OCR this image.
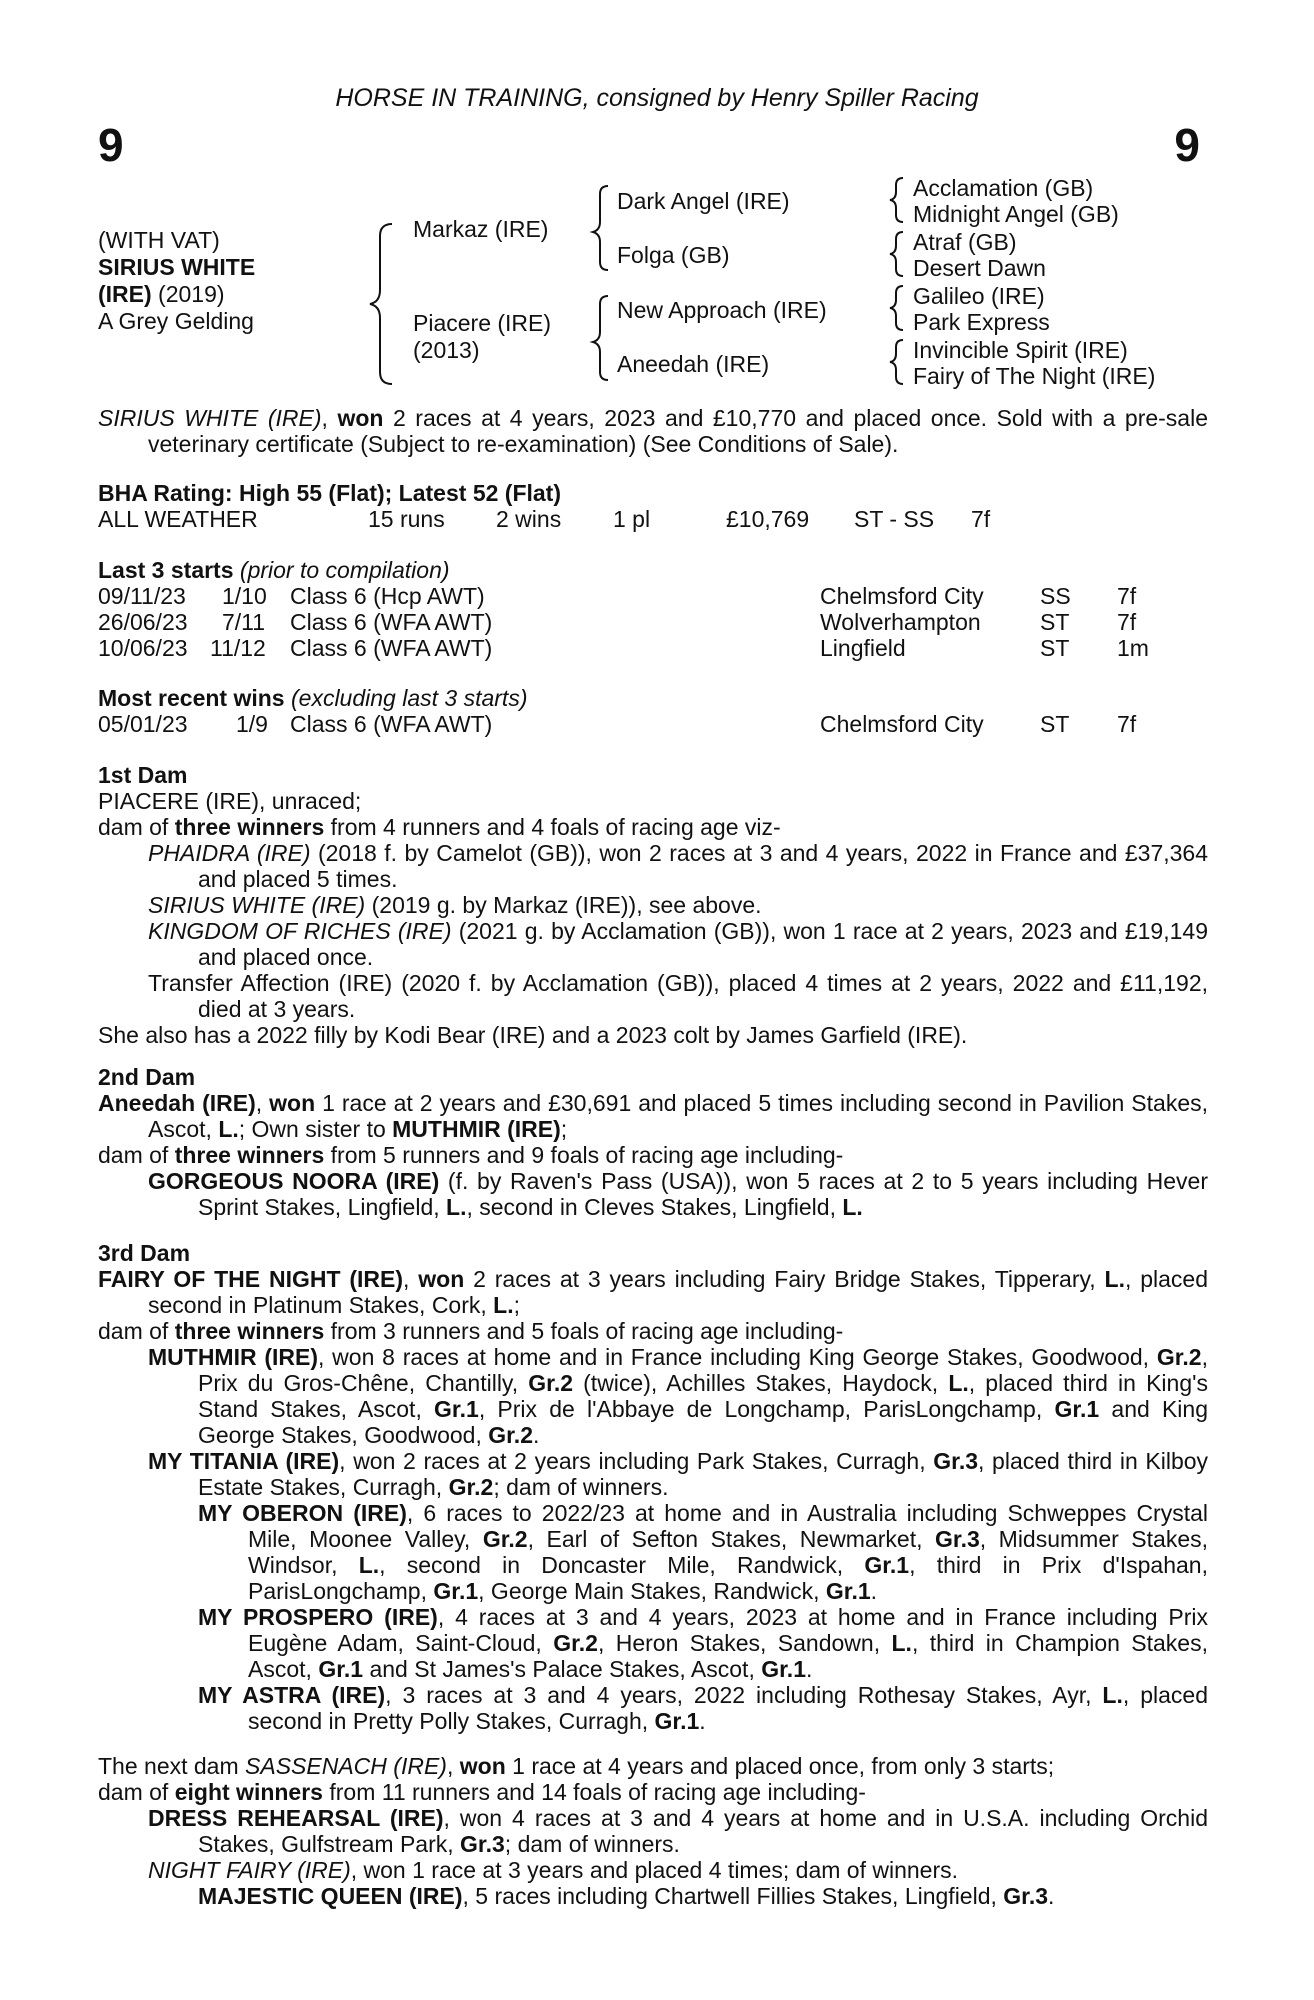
HORSE IN TRAINING, consigned by Henry Spiller Racing
9	9
(WITH VAT)
SIRIUS WHITE
(IRE) (2019)
A Grey Gelding
Markaz (IRE)
Piacere (IRE)
(2013)
Dark Angel (IRE)
Folga (GB)
New Approach (IRE)
Aneedah (IRE)
Acclamation (GB)
Midnight Angel (GB)
Atraf (GB)
Desert Dawn
Galileo (IRE)
Park Express
Invincible Spirit (IRE)
Fairy of The Night (IRE)
SIRIUS WHITE (IRE), won 2 races at 4 years, 2023 and £10,770 and placed once. Sold with a pre-sale veterinary certificate (Subject to re-examination) (See Conditions of Sale).
BHA Rating: High 55 (Flat); Latest 52 (Flat)
ALL WEATHER	15 runs 2 wins 1 pl	£10,769 ST - SS 7f
Last 3 starts (prior to compilation)
09/11/23 1/10 Class 6 (Hcp AWT)	Chelmsford City SS 7f
26/06/23 7/11 Class 6 (WFA AWT)	Wolverhampton	ST 7f
10/06/23 11/12 Class 6 (WFA AWT)	Lingfield	ST 1m
Most recent wins (excluding last 3 starts)
05/01/23 1/9 Class 6 (WFA AWT)	Chelmsford City ST 7f
1st Dam
PIACERE (IRE), unraced;
dam of three winners from 4 runners and 4 foals of racing age viz-
PHAIDRA (IRE) (2018 f. by Camelot (GB)), won 2 races at 3 and 4 years, 2022 in France and £37,364 and placed 5 times.
SIRIUS WHITE (IRE) (2019 g. by Markaz (IRE)), see above.
KINGDOM OF RICHES (IRE) (2021 g. by Acclamation (GB)), won 1 race at 2 years, 2023 and £19,149 and placed once.
Transfer Affection (IRE) (2020 f. by Acclamation (GB)), placed 4 times at 2 years, 2022 and £11,192, died at 3 years.
She also has a 2022 filly by Kodi Bear (IRE) and a 2023 colt by James Garfield (IRE).
2nd Dam
Aneedah (IRE), won 1 race at 2 years and £30,691 and placed 5 times including second in Pavilion Stakes, Ascot, L.; Own sister to MUTHMIR (IRE);
dam of three winners from 5 runners and 9 foals of racing age including-
GORGEOUS NOORA (IRE) (f. by Raven's Pass (USA)), won 5 races at 2 to 5 years including Hever Sprint Stakes, Lingfield, L., second in Cleves Stakes, Lingfield, L.
3rd Dam
FAIRY OF THE NIGHT (IRE), won 2 races at 3 years including Fairy Bridge Stakes, Tipperary, L., placed second in Platinum Stakes, Cork, L.;
dam of three winners from 3 runners and 5 foals of racing age including-
MUTHMIR (IRE), won 8 races at home and in France including King George Stakes, Goodwood, Gr.2, Prix du Gros-Chêne, Chantilly, Gr.2 (twice), Achilles Stakes, Haydock, L., placed third in King's Stand Stakes, Ascot, Gr.1, Prix de l'Abbaye de Longchamp, ParisLongchamp, Gr.1 and King George Stakes, Goodwood, Gr.2.
MY TITANIA (IRE), won 2 races at 2 years including Park Stakes, Curragh, Gr.3, placed third in Kilboy Estate Stakes, Curragh, Gr.2; dam of winners.
MY OBERON (IRE), 6 races to 2022/23 at home and in Australia including Schweppes Crystal Mile, Moonee Valley, Gr.2, Earl of Sefton Stakes, Newmarket, Gr.3, Midsummer Stakes, Windsor, L., second in Doncaster Mile, Randwick, Gr.1, third in Prix d'Ispahan, ParisLongchamp, Gr.1, George Main Stakes, Randwick, Gr.1.
MY PROSPERO (IRE), 4 races at 3 and 4 years, 2023 at home and in France including Prix Eugène Adam, Saint-Cloud, Gr.2, Heron Stakes, Sandown, L., third in Champion Stakes, Ascot, Gr.1 and St James's Palace Stakes, Ascot, Gr.1.
MY ASTRA (IRE), 3 races at 3 and 4 years, 2022 including Rothesay Stakes, Ayr, L., placed second in Pretty Polly Stakes, Curragh, Gr.1.
The next dam SASSENACH (IRE), won 1 race at 4 years and placed once, from only 3 starts;
dam of eight winners from 11 runners and 14 foals of racing age including-
DRESS REHEARSAL (IRE), won 4 races at 3 and 4 years at home and in U.S.A. including Orchid Stakes, Gulfstream Park, Gr.3; dam of winners.
NIGHT FAIRY (IRE), won 1 race at 3 years and placed 4 times; dam of winners.
MAJESTIC QUEEN (IRE), 5 races including Chartwell Fillies Stakes, Lingfield, Gr.3.
